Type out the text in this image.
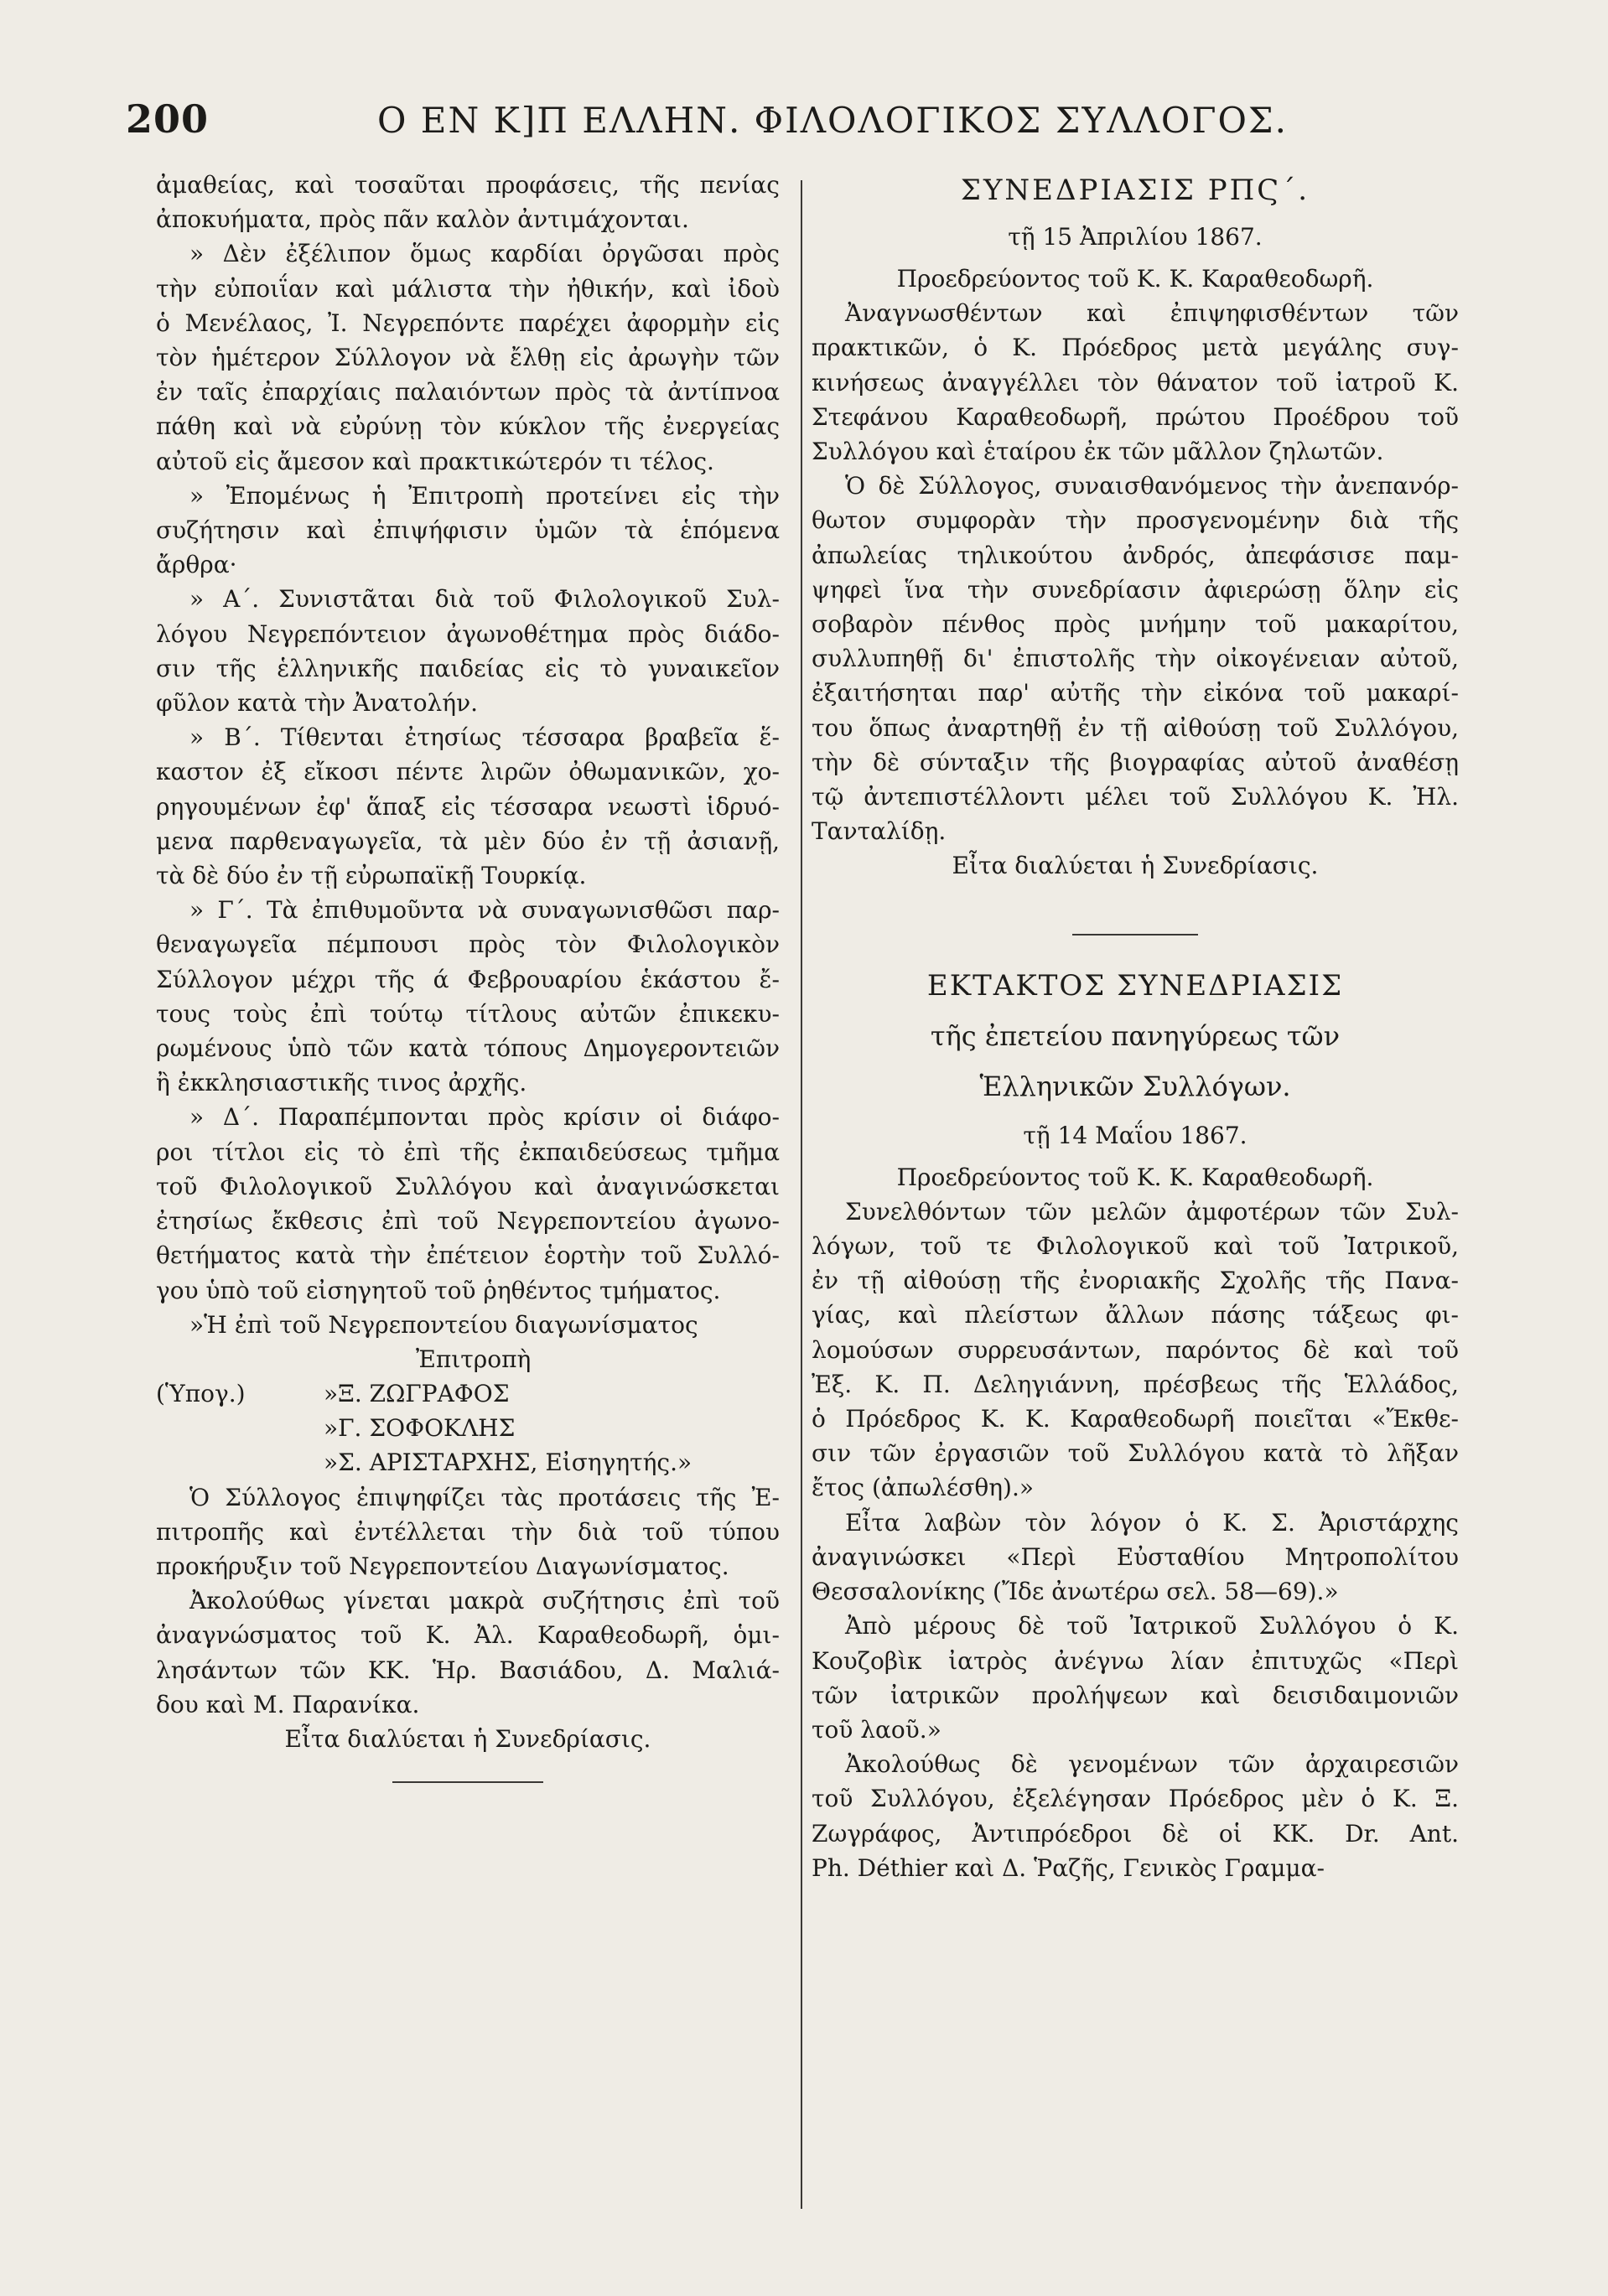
200	Ο ΕΝ Κ]Π ΕΛΛΗΝ. ΦΙΛΟΛΟΓΙΚΟΣ ΣΥΛΛΟΓΟΣ.

ἀμαθείας, καὶ τοσαῦται προφάσεις, τῆς πενίας

ἀποκυήματα, πρὸς πᾶν καλὸν ἀντιμάχονται.

» Δὲν ἐξέλιπον ὅμως καρδίαι ὀργῶσαι πρὸς

τὴν εὐποιΐαν καὶ μάλιστα τὴν ἠθικήν, καὶ ἰδοὺ

ὁ Μενέλαος, Ἰ. Νεγρεπόντε παρέχει ἀφορμὴν εἰς

τὸν ἡμέτερον Σύλλογον νὰ ἔλθῃ εἰς ἀρωγὴν τῶν

ἐν ταῖς ἐπαρχίαις παλαιόντων πρὸς τὰ ἀντίπνοα

πάθη καὶ νὰ εὐρύνῃ τὸν κύκλον τῆς ἐνεργείας

αὐτοῦ εἰς ἄμεσον καὶ πρακτικώτερόν τι τέλος.

» Ἐπομένως ἡ Ἐπιτροπὴ προτείνει εἰς τὴν

συζήτησιν καὶ ἐπιψήφισιν ὑμῶν τὰ ἑπόμενα

ἄρθρα·

» Α΄. Συνιστᾶται διὰ τοῦ Φιλολογικοῦ Συλ-

λόγου Νεγρεπόντειον ἀγωνοθέτημα πρὸς διάδο-

σιν τῆς ἑλληνικῆς παιδείας εἰς τὸ γυναικεῖον

φῦλον κατὰ τὴν Ἀνατολήν.

» Β΄. Τίθενται ἐτησίως τέσσαρα βραβεῖα ἕ-

καστον ἐξ εἴκοσι πέντε λιρῶν ὀθωμανικῶν, χο-

ρηγουμένων ἐφ' ἅπαξ εἰς τέσσαρα νεωστὶ ἱδρυό-

μενα παρθεναγωγεῖα, τὰ μὲν δύο ἐν τῇ ἀσιανῇ,

τὰ δὲ δύο ἐν τῇ εὐρωπαϊκῇ Τουρκίᾳ.

» Γ΄. Τὰ ἐπιθυμοῦντα νὰ συναγωνισθῶσι παρ-

θεναγωγεῖα πέμπουσι πρὸς τὸν Φιλολογικὸν

Σύλλογον μέχρι τῆς ά Φεβρουαρίου ἑκάστου ἔ-

τους τοὺς ἐπὶ τούτῳ τίτλους αὐτῶν ἐπικεκυ-

ρωμένους ὑπὸ τῶν κατὰ τόπους Δημογεροντειῶν

ἢ ἐκκλησιαστικῆς τινος ἀρχῆς.

» Δ΄. Παραπέμπονται πρὸς κρίσιν οἱ διάφο-

ροι τίτλοι εἰς τὸ ἐπὶ τῆς ἐκπαιδεύσεως τμῆμα

τοῦ Φιλολογικοῦ Συλλόγου καὶ ἀναγινώσκεται

ἐτησίως ἔκθεσις ἐπὶ τοῦ Νεγρεποντείου ἀγωνο-

θετήματος κατὰ τὴν ἐπέτειον ἑορτὴν τοῦ Συλλό-

γου ὑπὸ τοῦ εἰσηγητοῦ τοῦ ῥηθέντος τμήματος.

»Ἡ ἐπὶ τοῦ Νεγρεποντείου διαγωνίσματος

Ἐπιτροπὴ

(Ὑπογ.)	»Ξ. ΖΩΓΡΑΦΟΣ
»Γ. ΣΟΦΟΚΛΗΣ
»Σ. ΑΡΙΣΤΑΡΧΗΣ, Εἰσηγητής.»

Ὁ Σύλλογος ἐπιψηφίζει τὰς προτάσεις τῆς Ἐ-

πιτροπῆς καὶ ἐντέλλεται τὴν διὰ τοῦ τύπου

προκήρυξιν τοῦ Νεγρεποντείου Διαγωνίσματος.

Ἀκολούθως γίνεται μακρὰ συζήτησις ἐπὶ τοῦ

ἀναγνώσματος τοῦ Κ. Ἀλ. Καραθεοδωρῆ, ὁμι-

λησάντων τῶν ΚΚ. Ἡρ. Βασιάδου, Δ. Μαλιά-

δου καὶ Μ. Παρανίκα.

Εἶτα διαλύεται ἡ Συνεδρίασις.

ΣΥΝΕΔΡΙΑΣΙΣ ΡΠϚ΄.

τῇ 15 Ἀπριλίου 1867.

Προεδρεύοντος τοῦ Κ. Κ. Καραθεοδωρῆ.

Ἀναγνωσθέντων καὶ ἐπιψηφισθέντων τῶν

πρακτικῶν, ὁ Κ. Πρόεδρος μετὰ μεγάλης συγ-

κινήσεως ἀναγγέλλει τὸν θάνατον τοῦ ἰατροῦ Κ.

Στεφάνου Καραθεοδωρῆ, πρώτου Προέδρου τοῦ

Συλλόγου καὶ ἑταίρου ἐκ τῶν μᾶλλον ζηλωτῶν.

Ὁ δὲ Σύλλογος, συναισθανόμενος τὴν ἀνεπανόρ-

θωτον συμφορὰν τὴν προσγενομένην διὰ τῆς

ἀπωλείας τηλικούτου ἀνδρός, ἀπεφάσισε παμ-

ψηφεὶ ἵνα τὴν συνεδρίασιν ἀφιερώσῃ ὅλην εἰς

σοβαρὸν πένθος πρὸς μνήμην τοῦ μακαρίτου,

συλλυπηθῇ δι' ἐπιστολῆς τὴν οἰκογένειαν αὐτοῦ,

ἐξαιτήσηται παρ' αὐτῆς τὴν εἰκόνα τοῦ μακαρί-

του ὅπως ἀναρτηθῇ ἐν τῇ αἰθούσῃ τοῦ Συλλόγου,

τὴν δὲ σύνταξιν τῆς βιογραφίας αὐτοῦ ἀναθέσῃ

τῷ ἀντεπιστέλλοντι μέλει τοῦ Συλλόγου Κ. Ἠλ.

Τανταλίδῃ.

Εἶτα διαλύεται ἡ Συνεδρίασις.

ΕΚΤΑΚΤΟΣ ΣΥΝΕΔΡΙΑΣΙΣ

τῆς ἐπετείου πανηγύρεως τῶν

Ἑλληνικῶν Συλλόγων.

τῇ 14 Μαΐου 1867.

Προεδρεύοντος τοῦ Κ. Κ. Καραθεοδωρῆ.

Συνελθόντων τῶν μελῶν ἀμφοτέρων τῶν Συλ-

λόγων, τοῦ τε Φιλολογικοῦ καὶ τοῦ Ἰατρικοῦ,

ἐν τῇ αἰθούσῃ τῆς ἐνοριακῆς Σχολῆς τῆς Πανα-

γίας, καὶ πλείστων ἄλλων πάσης τάξεως φι-

λομούσων συρρευσάντων, παρόντος δὲ καὶ τοῦ

Ἐξ. Κ. Π. Δεληγιάννη, πρέσβεως τῆς Ἑλλάδος,

ὁ Πρόεδρος Κ. Κ. Καραθεοδωρῆ ποιεῖται «Ἔκθε-

σιν τῶν ἐργασιῶν τοῦ Συλλόγου κατὰ τὸ λῆξαν

ἔτος (ἀπωλέσθη).»

Εἶτα λαβὼν τὸν λόγον ὁ Κ. Σ. Ἀριστάρχης

ἀναγινώσκει «Περὶ Εὐσταθίου Μητροπολίτου

Θεσσαλονίκης (Ἴδε ἀνωτέρω σελ. 58—69).»

Ἀπὸ μέρους δὲ τοῦ Ἰατρικοῦ Συλλόγου ὁ Κ.

Κουζοβὶκ ἰατρὸς ἀνέγνω λίαν ἐπιτυχῶς «Περὶ

τῶν ἰατρικῶν προλήψεων καὶ δεισιδαιμονιῶν

τοῦ λαοῦ.»

Ἀκολούθως δὲ γενομένων τῶν ἀρχαιρεσιῶν

τοῦ Συλλόγου, ἐξελέγησαν Πρόεδρος μὲν ὁ Κ. Ξ.

Ζωγράφος, Ἀντιπρόεδροι δὲ οἱ ΚΚ. Dr. Ant.

Ph. Déthier καὶ Δ. Ῥαζῆς, Γενικὸς Γραμμα-
